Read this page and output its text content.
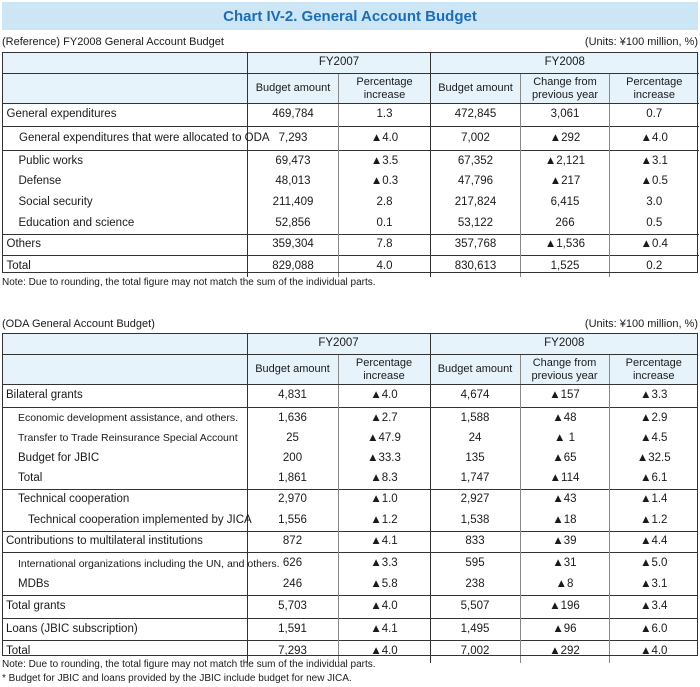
Chart IV-2. General Account Budget
(Reference) FY2008 General Account Budget	(Units: ¥100 million, %)
	FY2007		FY2008		
	Budget amount	Percentage increase	Budget amount	Change from previous year	Percentage increase
General expenditures	469,784	1.3	472,845	3,061	0.7
General expenditures that were allocated to ODA	7,293	▲4.0	7,002	▲292	▲4.0
Public works	69,473	▲3.5	67,352	▲2,121	▲3.1
Defense	48,013	▲0.3	47,796	▲217	▲0.5
Social security	211,409	2.8	217,824	6,415	3.0
Education and science	52,856	0.1	53,122	266	0.5
Others	359,304	7.8	357,768	▲1,536	▲0.4
Total	829,088	4.0	830,613	1,525	0.2
Note: Due to rounding, the total figure may not match the sum of the individual parts.
(ODA General Account Budget)	(Units: ¥100 million, %)
	FY2007		FY2008		
	Budget amount	Percentage increase	Budget amount	Change from previous year	Percentage increase
Bilateral grants	4,831	▲4.0	4,674	▲157	▲3.3
Economic development assistance, and others.	1,636	▲2.7	1,588	▲48	▲2.9
Transfer to Trade Reinsurance Special Account	25	▲47.9	24	▲ 1	▲4.5
Budget for JBIC	200	▲33.3	135	▲65	▲32.5
Total	1,861	▲8.3	1,747	▲114	▲6.1
Technical cooperation	2,970	▲1.0	2,927	▲43	▲1.4
Technical cooperation implemented by JICA	1,556	▲1.2	1,538	▲18	▲1.2
Contributions to multilateral institutions	872	▲4.1	833	▲39	▲4.4
International organizations including the UN, and others.	626	▲3.3	595	▲31	▲5.0
MDBs	246	▲5.8	238	▲8	▲3.1
Total grants	5,703	▲4.0	5,507	▲196	▲3.4
Loans (JBIC subscription)	1,591	▲4.1	1,495	▲96	▲6.0
Total	7,293	▲4.0	7,002	▲292	▲4.0
Note: Due to rounding, the total figure may not match the sum of the individual parts.
* Budget for JBIC and loans provided by the JBIC include budget for new JICA.
